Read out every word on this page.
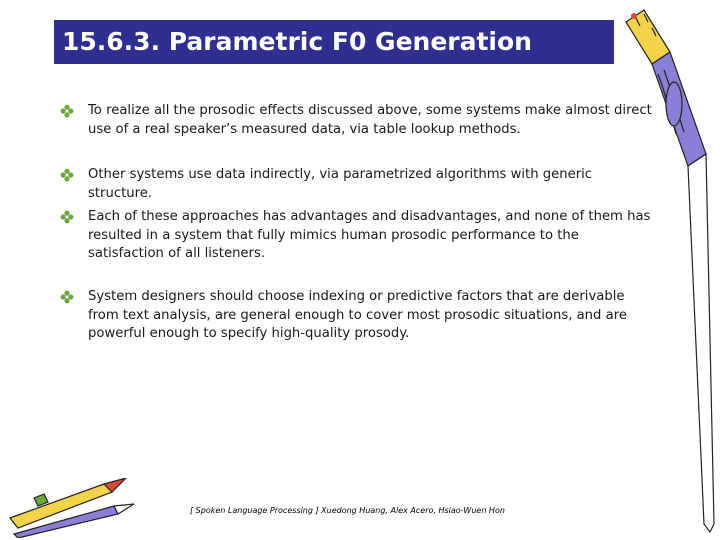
15.6.3. Parametric F0 Generation
To realize all the prosodic effects discussed above, some systems make almost direct use of a real speaker’s measured data, via table lookup methods.
Other systems use data indirectly, via parametrized algorithms with generic structure.
Each of these approaches has advantages and disadvantages, and none of them has resulted in a system that fully mimics human prosodic performance to the satisfaction of all listeners.
System designers should choose indexing or predictive factors that are derivable from text analysis, are general enough to cover most prosodic situations, and are powerful enough to specify high-quality prosody.
[ Spoken Language Processing ] Xuedong Huang, Alex Acero, Hsiao-Wuen Hon
